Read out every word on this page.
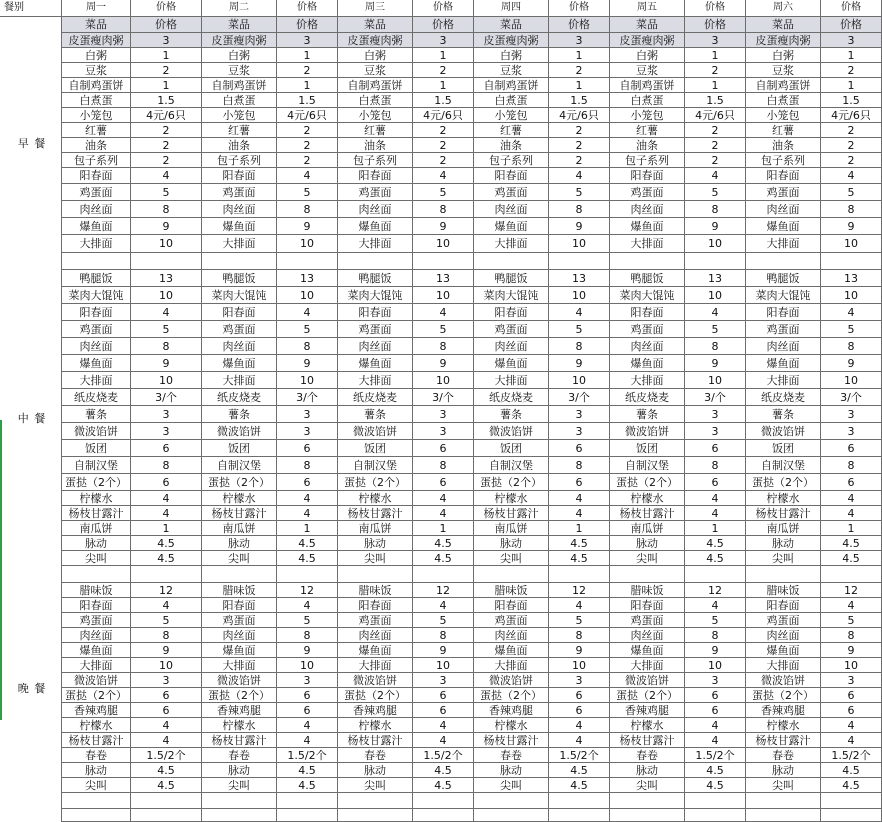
餐别	周一	价格	周二	价格	周三	价格	周四	价格	周五	价格	周六	价格
菜品	价格	菜品	价格	菜品	价格	菜品	价格	菜品	价格	菜品	价格
皮蛋瘦肉粥	3	皮蛋瘦肉粥	3	皮蛋瘦肉粥	3	皮蛋瘦肉粥	3	皮蛋瘦肉粥	3	皮蛋瘦肉粥	3
白粥	1	白粥	1	白粥	1	白粥	1	白粥	1	白粥	1
豆浆	2	豆浆	2	豆浆	2	豆浆	2	豆浆	2	豆浆	2
自制鸡蛋饼	1	自制鸡蛋饼	1	自制鸡蛋饼	1	自制鸡蛋饼	1	自制鸡蛋饼	1	自制鸡蛋饼	1
白煮蛋	1.5	白煮蛋	1.5	白煮蛋	1.5	白煮蛋	1.5	白煮蛋	1.5	白煮蛋	1.5
小笼包	4元/6只	小笼包	4元/6只	小笼包	4元/6只	小笼包	4元/6只	小笼包	4元/6只	小笼包	4元/6只
红薯	2	红薯	2	红薯	2	红薯	2	红薯	2	红薯	2
油条	2	油条	2	油条	2	油条	2	油条	2	油条	2
包子系列	2	包子系列	2	包子系列	2	包子系列	2	包子系列	2	包子系列	2
阳春面	4	阳春面	4	阳春面	4	阳春面	4	阳春面	4	阳春面	4
鸡蛋面	5	鸡蛋面	5	鸡蛋面	5	鸡蛋面	5	鸡蛋面	5	鸡蛋面	5
肉丝面	8	肉丝面	8	肉丝面	8	肉丝面	8	肉丝面	8	肉丝面	8
爆鱼面	9	爆鱼面	9	爆鱼面	9	爆鱼面	9	爆鱼面	9	爆鱼面	9
大排面	10	大排面	10	大排面	10	大排面	10	大排面	10	大排面	10
早 餐
鸭腿饭	13	鸭腿饭	13	鸭腿饭	13	鸭腿饭	13	鸭腿饭	13	鸭腿饭	13
菜肉大馄饨	10	菜肉大馄饨	10	菜肉大馄饨	10	菜肉大馄饨	10	菜肉大馄饨	10	菜肉大馄饨	10
阳春面	4	阳春面	4	阳春面	4	阳春面	4	阳春面	4	阳春面	4
鸡蛋面	5	鸡蛋面	5	鸡蛋面	5	鸡蛋面	5	鸡蛋面	5	鸡蛋面	5
肉丝面	8	肉丝面	8	肉丝面	8	肉丝面	8	肉丝面	8	肉丝面	8
爆鱼面	9	爆鱼面	9	爆鱼面	9	爆鱼面	9	爆鱼面	9	爆鱼面	9
大排面	10	大排面	10	大排面	10	大排面	10	大排面	10	大排面	10
纸皮烧麦	3/个	纸皮烧麦	3/个	纸皮烧麦	3/个	纸皮烧麦	3/个	纸皮烧麦	3/个	纸皮烧麦	3/个
薯条	3	薯条	3	薯条	3	薯条	3	薯条	3	薯条	3
微波馅饼	3	微波馅饼	3	微波馅饼	3	微波馅饼	3	微波馅饼	3	微波馅饼	3
饭团	6	饭团	6	饭团	6	饭团	6	饭团	6	饭团	6
自制汉堡	8	自制汉堡	8	自制汉堡	8	自制汉堡	8	自制汉堡	8	自制汉堡	8
蛋挞（2个）	6	蛋挞（2个）	6	蛋挞（2个）	6	蛋挞（2个）	6	蛋挞（2个）	6	蛋挞（2个）	6
柠檬水	4	柠檬水	4	柠檬水	4	柠檬水	4	柠檬水	4	柠檬水	4
杨枝甘露汁	4	杨枝甘露汁	4	杨枝甘露汁	4	杨枝甘露汁	4	杨枝甘露汁	4	杨枝甘露汁	4
南瓜饼	1	南瓜饼	1	南瓜饼	1	南瓜饼	1	南瓜饼	1	南瓜饼	1
脉动	4.5	脉动	4.5	脉动	4.5	脉动	4.5	脉动	4.5	脉动	4.5
尖叫	4.5	尖叫	4.5	尖叫	4.5	尖叫	4.5	尖叫	4.5	尖叫	4.5
中 餐
腊味饭	12	腊味饭	12	腊味饭	12	腊味饭	12	腊味饭	12	腊味饭	12
阳春面	4	阳春面	4	阳春面	4	阳春面	4	阳春面	4	阳春面	4
鸡蛋面	5	鸡蛋面	5	鸡蛋面	5	鸡蛋面	5	鸡蛋面	5	鸡蛋面	5
肉丝面	8	肉丝面	8	肉丝面	8	肉丝面	8	肉丝面	8	肉丝面	8
爆鱼面	9	爆鱼面	9	爆鱼面	9	爆鱼面	9	爆鱼面	9	爆鱼面	9
大排面	10	大排面	10	大排面	10	大排面	10	大排面	10	大排面	10
微波馅饼	3	微波馅饼	3	微波馅饼	3	微波馅饼	3	微波馅饼	3	微波馅饼	3
蛋挞（2个）	6	蛋挞（2个）	6	蛋挞（2个）	6	蛋挞（2个）	6	蛋挞（2个）	6	蛋挞（2个）	6
香辣鸡腿	6	香辣鸡腿	6	香辣鸡腿	6	香辣鸡腿	6	香辣鸡腿	6	香辣鸡腿	6
柠檬水	4	柠檬水	4	柠檬水	4	柠檬水	4	柠檬水	4	柠檬水	4
杨枝甘露汁	4	杨枝甘露汁	4	杨枝甘露汁	4	杨枝甘露汁	4	杨枝甘露汁	4	杨枝甘露汁	4
春卷	1.5/2个	春卷	1.5/2个	春卷	1.5/2个	春卷	1.5/2个	春卷	1.5/2个	春卷	1.5/2个
脉动	4.5	脉动	4.5	脉动	4.5	脉动	4.5	脉动	4.5	脉动	4.5
尖叫	4.5	尖叫	4.5	尖叫	4.5	尖叫	4.5	尖叫	4.5	尖叫	4.5
晚 餐
